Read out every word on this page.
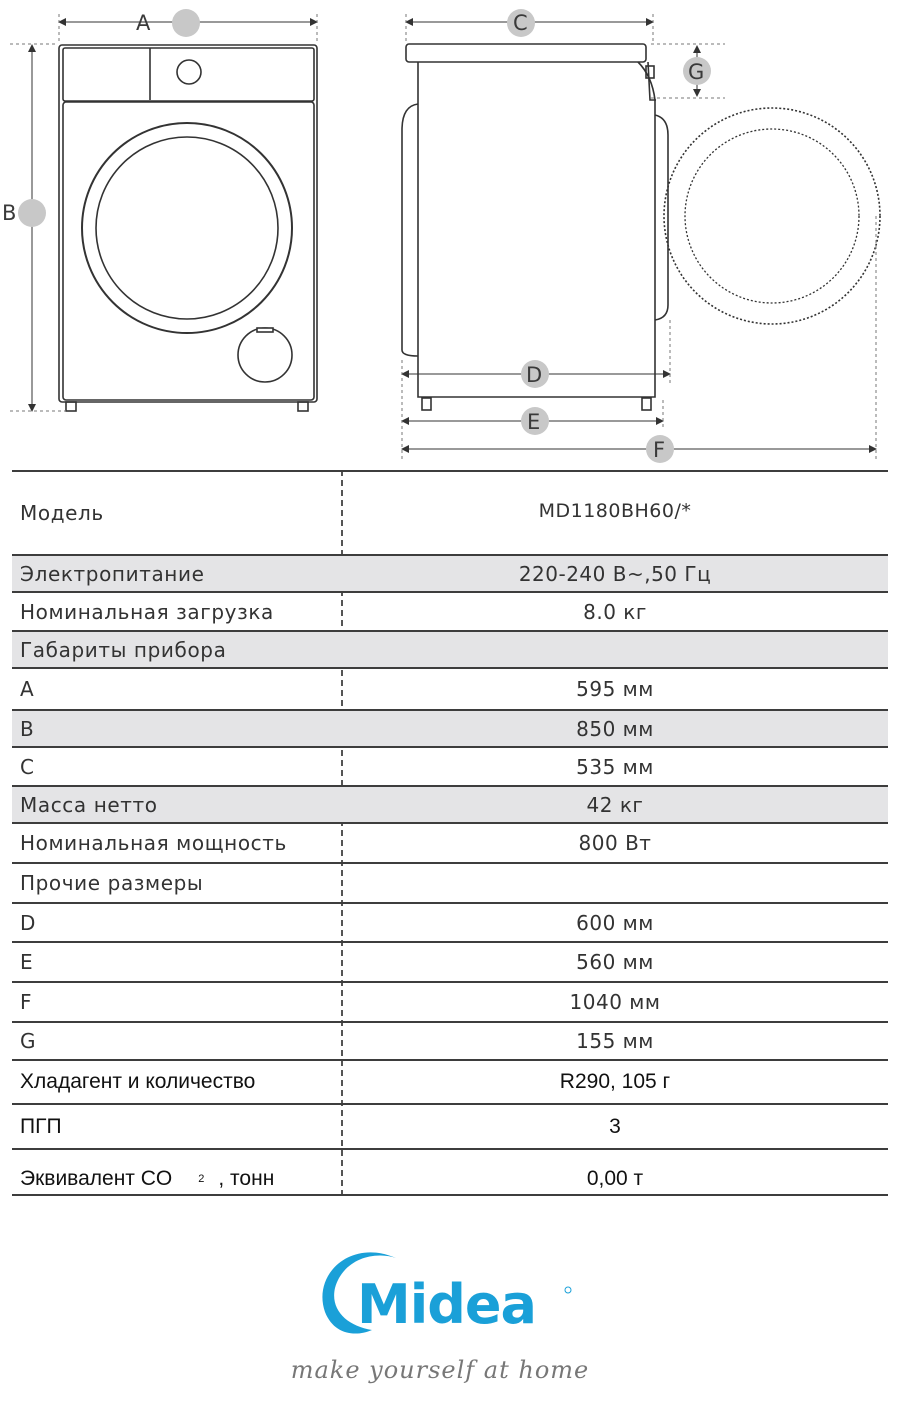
A
B
C
G
D
E
F
Модель	MD1180BH60/*
Электропитание	220-240 В~,50 Гц
Номинальная загрузка	8.0 кг
Габариты прибора
A	595 мм
B	850 мм
C	535 мм
Масса нетто	42 кг
Номинальная мощность	800 Вт
Прочие размеры
D	600 мм
E	560 мм
F	1040 мм
G	155 мм
Хладагент и количество	R290, 105 г
ПГП	3
Эквивалент CO 2 , тонн	0,00 т
Midea
make yourself at home
